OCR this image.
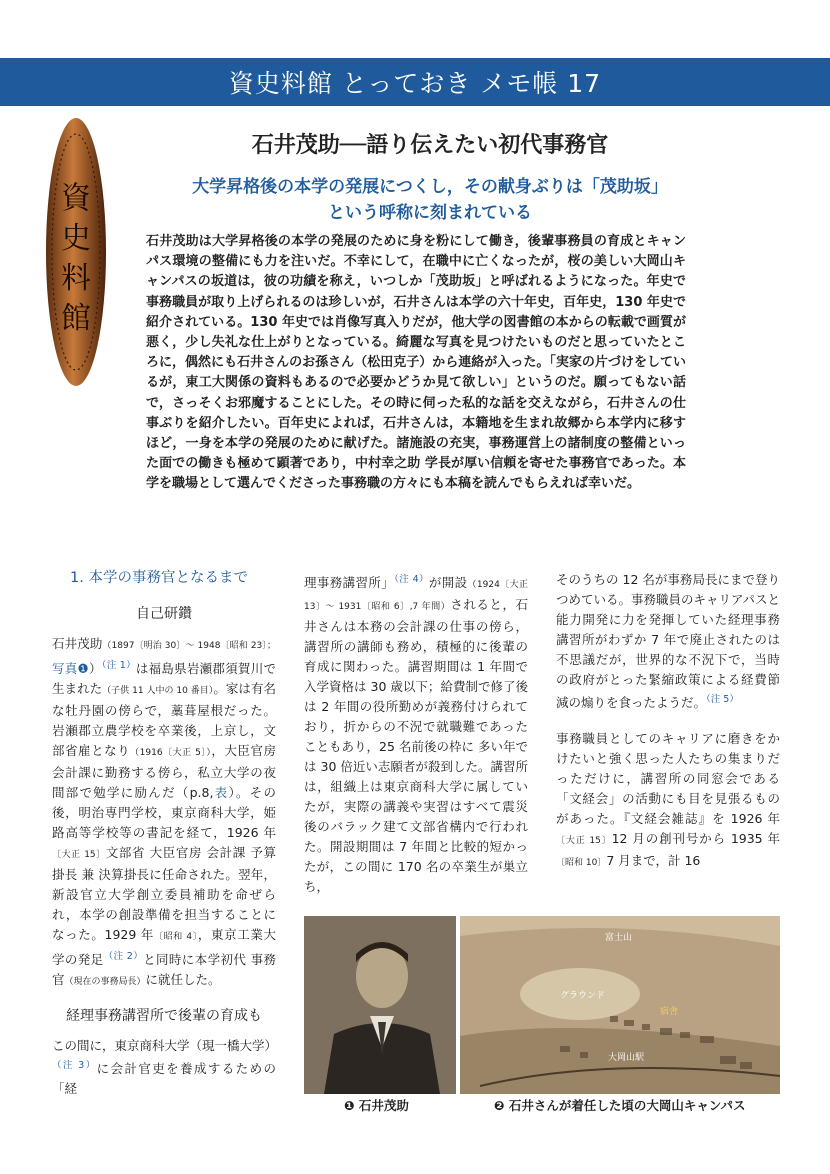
資史料館 とっておき メモ帳 17
資
史
料
館
石井茂助──語り伝えたい初代事務官
大学昇格後の本学の発展につくし，その献身ぶりは「茂助坂」
という呼称に刻まれている

石井茂助は大学昇格後の本学の発展のために身を粉にして働き，後輩事務員の育成とキャンパス環境の整備にも力を注いだ。不幸にして，在職中に亡くなったが，桜の美しい大岡山キャンパスの坂道は，彼の功績を称え，いつしか「茂助坂」と呼ばれるようになった。年史で事務職員が取り上げられるのは珍しいが，石井さんは本学の六十年史，百年史，130 年史で紹介されている。130 年史では肖像写真入りだが，他大学の図書館の本からの転載で画質が悪く，少し失礼な仕上がりとなっている。綺麗な写真を見つけたいものだと思っていたところに，偶然にも石井さんのお孫さん（松田克子）から連絡が入った。「実家の片づけをしているが，東工大関係の資料もあるので必要かどうか見て欲しい」というのだ。願ってもない話で，さっそくお邪魔することにした。その時に伺った私的な話を交えながら，石井さんの仕事ぶりを紹介したい。百年史によれば，石井さんは，本籍地を生まれ故郷から本学内に移すほど，一身を本学の発展のために献げた。諸施設の充実，事務運営上の諸制度の整備といった面での働きも極めて顕著であり，中村幸之助 学長が厚い信頼を寄せた事務官であった。本学を職場として選んでくださった事務職の方々にも本稿を読んでもらえれば幸いだ。

1. 本学の事務官となるまで
自己研鑽

石井茂助（1897〔明治 30〕～ 1948〔昭和 23〕；写真❶）$^{(注 1)}$は福島県岩瀬郡須賀川で生まれた（子供 11 人中の 10 番目）。家は有名な牡丹園の傍らで，藁葺屋根だった。岩瀬郡立農学校を卒業後，上京し，文部省雇となり（1916〔大正 5〕），大臣官房 会計課に勤務する傍ら，私立大学の夜間部で勉学に励んだ（p.8,表）。その後，明治専門学校，東京商科大学，姫路高等学校等の書記を経て，1926 年〔大正 15〕文部省 大臣官房 会計課 予算掛長 兼 決算掛長に任命された。翌年，新設官立大学創立委員補助を命ぜられ，本学の創設準備を担当することになった。1929 年〔昭和 4〕，東京工業大学の発足$^{(注 2)}$と同時に本学初代 事務官（現在の事務局長）に就任した。

経理事務講習所で後輩の育成も

この間に，東京商科大学（現一橋大学）$^{(注 3)}$に会計官吏を養成するための「経

理事務講習所」$^{(注 4)}$が開設（1924〔大正 13〕～ 1931〔昭和 6〕,7 年間）されると，石井さんは本務の会計課の仕事の傍ら，講習所の講師も務め，積極的に後輩の育成に関わった。講習期間は 1 年間で入学資格は 30 歳以下；給費制で修了後は 2 年間の役所勤めが義務付けられており，折からの不況で就職難であったこともあり，25 名前後の枠に 多い年では 30 倍近い志願者が殺到した。講習所は，組織上は東京商科大学に属していたが，実際の講義や実習はすべて震災後のバラック建て文部省構内で行われた。開設期間は 7 年間と比較的短かったが，この間に 170 名の卒業生が巣立ち，

そのうちの 12 名が事務局長にまで登りつめている。事務職員のキャリアパスと能力開発に力を発揮していた経理事務講習所がわずか 7 年で廃止されたのは不思議だが，世界的な不況下で，当時の政府がとった緊縮政策による経費節減の煽りを食ったようだ。$^{(注 5)}$

事務職員としてのキャリアに磨きをかけたいと強く思った人たちの集まりだっただけに，講習所の同窓会である「文経会」の活動にも目を見張るものがあった。『文経会雑誌』を 1926 年〔大正 15〕12 月の創刊号から 1935 年〔昭和 10〕7 月まで，計 16

富士山
グラウンド
宿舎
大岡山駅
❶ 石井茂助	❷ 石井さんが着任した頃の大岡山キャンパス
